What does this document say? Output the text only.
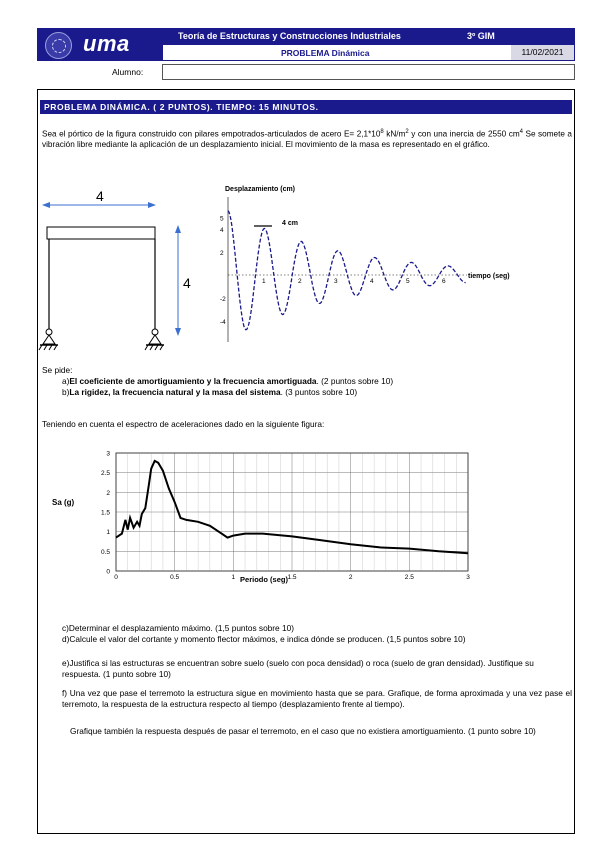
uma	Teoría de Estructuras y Construcciones Industriales	3º GIM
PROBLEMA Dinámica	11/02/2021
Alumno:
PROBLEMA DINÁMICA. ( 2 PUNTOS). TIEMPO: 15 MINUTOS.
Sea el pórtico de la figura construido con pilares empotrados-articulados de acero $E= 2,1*10^8$ $kN/m^2$ y con una inercia de 2550 $cm^4$ Se somete a vibración libre mediante la aplicación de un desplazamiento inicial. El movimiento de la masa es representado en el gráfico.
4
4
Desplazamiento (cm)
tiempo (seg)
4 cm
5
4
2
-2
-4
1	2	3	4	5	6
Se pide:
a)El coeficiente de amortiguamiento y la frecuencia amortiguada. (2 puntos sobre 10)
b)La rigidez, la frecuencia natural y la masa del sistema. (3 puntos sobre 10)
Teniendo en cuenta el espectro de aceleraciones dado en la siguiente figura:
Sa (g)
0
0.5
1
1.5
2
2.5
3
0	0.5	1	1.5	2	2.5	3
Periodo (seg)
c)Determinar el desplazamiento máximo. (1,5 puntos sobre 10)
d)Calcule el valor del cortante y momento flector máximos, e indica dónde se producen. (1,5 puntos sobre 10)
e)Justifica si las estructuras se encuentran sobre suelo (suelo con poca densidad) o roca (suelo de gran densidad). Justifique su respuesta. (1 punto sobre 10)
f) Una vez que pase el terremoto la estructura sigue en movimiento hasta que se para. Grafique, de forma aproximada y una vez pase el terremoto, la respuesta de la estructura respecto al tiempo (desplazamiento frente al tiempo).
Grafique también la respuesta después de pasar el terremoto, en el caso que no existiera amortiguamiento. (1 punto sobre 10)
